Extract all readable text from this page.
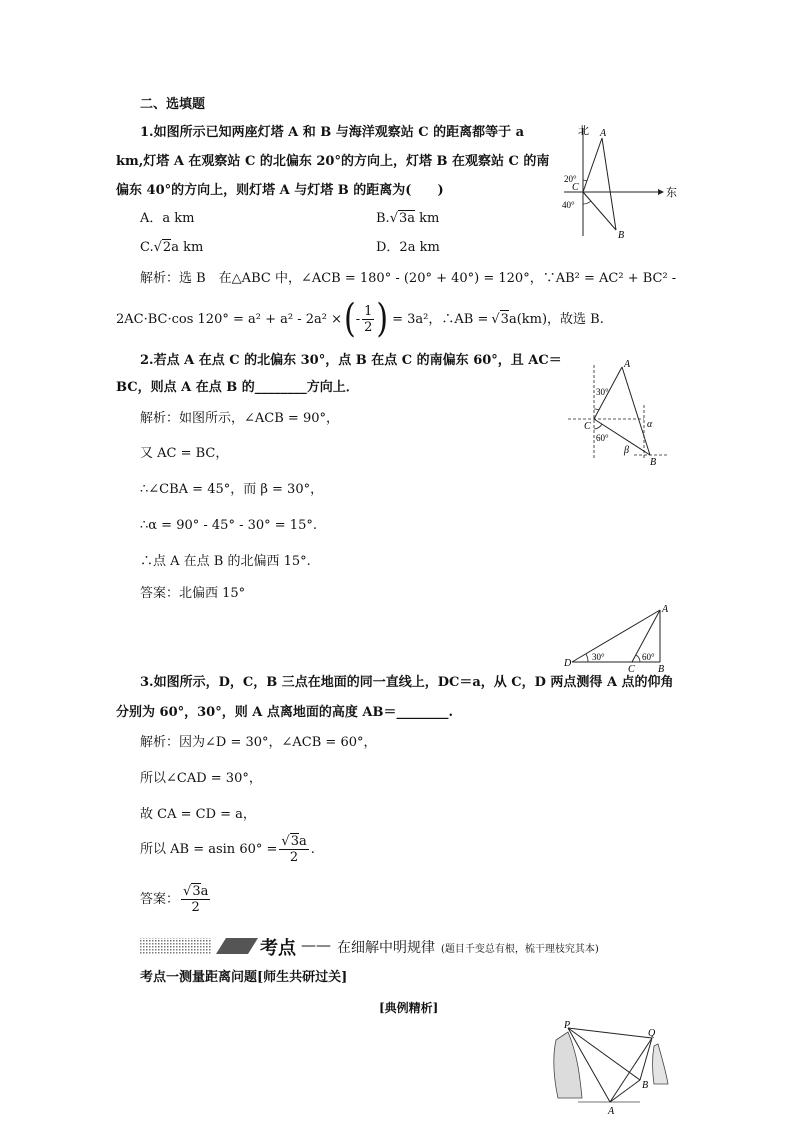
二、选填题
1.如图所示已知两座灯塔 A 和 B 与海洋观察站 C 的距离都等于 a
km,灯塔 A 在观察站 C 的北偏东 20°的方向上，灯塔 B 在观察站 C 的南
偏东 40°的方向上，则灯塔 A 与灯塔 B 的距离为(　　)
A．a km	B.√3a km
C.√2a km	D．2a km
解析：选 B　在△ABC 中，∠ACB = 180° - (20° + 40°) = 120°，∵AB² = AC² + BC² -
2AC·BC·cos 120° = a² + a² - 2a² × ( - $\frac{1}{2}$ ) = 3a²，∴AB = √ 3 a(km)，故选 B.
北
东
A
B
C
20°
40°
2.若点 A 在点 C 的北偏东 30°，点 B 在点 C 的南偏东 60°，且 AC＝
BC，则点 A 在点 B 的________方向上．
解析：如图所示，∠ACB = 90°，
又 AC = BC，
∴∠CBA = 45°，而 β = 30°，
∴α = 90° - 45° - 30° = 15°.
∴点 A 在点 B 的北偏西 15°.
答案：北偏西 15°
A
B
C
30°
60°
α
β
A
B
C
D
30°	60°
3.如图所示，D，C，B 三点在地面的同一直线上，DC＝a，从 C，D 两点测得 A 点的仰角
分别为 60°，30°，则 A 点离地面的高度 AB＝________.
解析：因为∠D = 30°，∠ACB = 60°，
所以∠CAD = 30°，
故 CA = CD = a，
所以 AB = asin $60^\circ = \frac{√3a}{2}$ .
答案： $\frac{√3a}{2}$
考点 —— 在细解中明规律 (题目千变总有根，梳干理枝究其本)
考点一测量距离问题[师生共研过关]
[典例精析]
P
Q
A
B
